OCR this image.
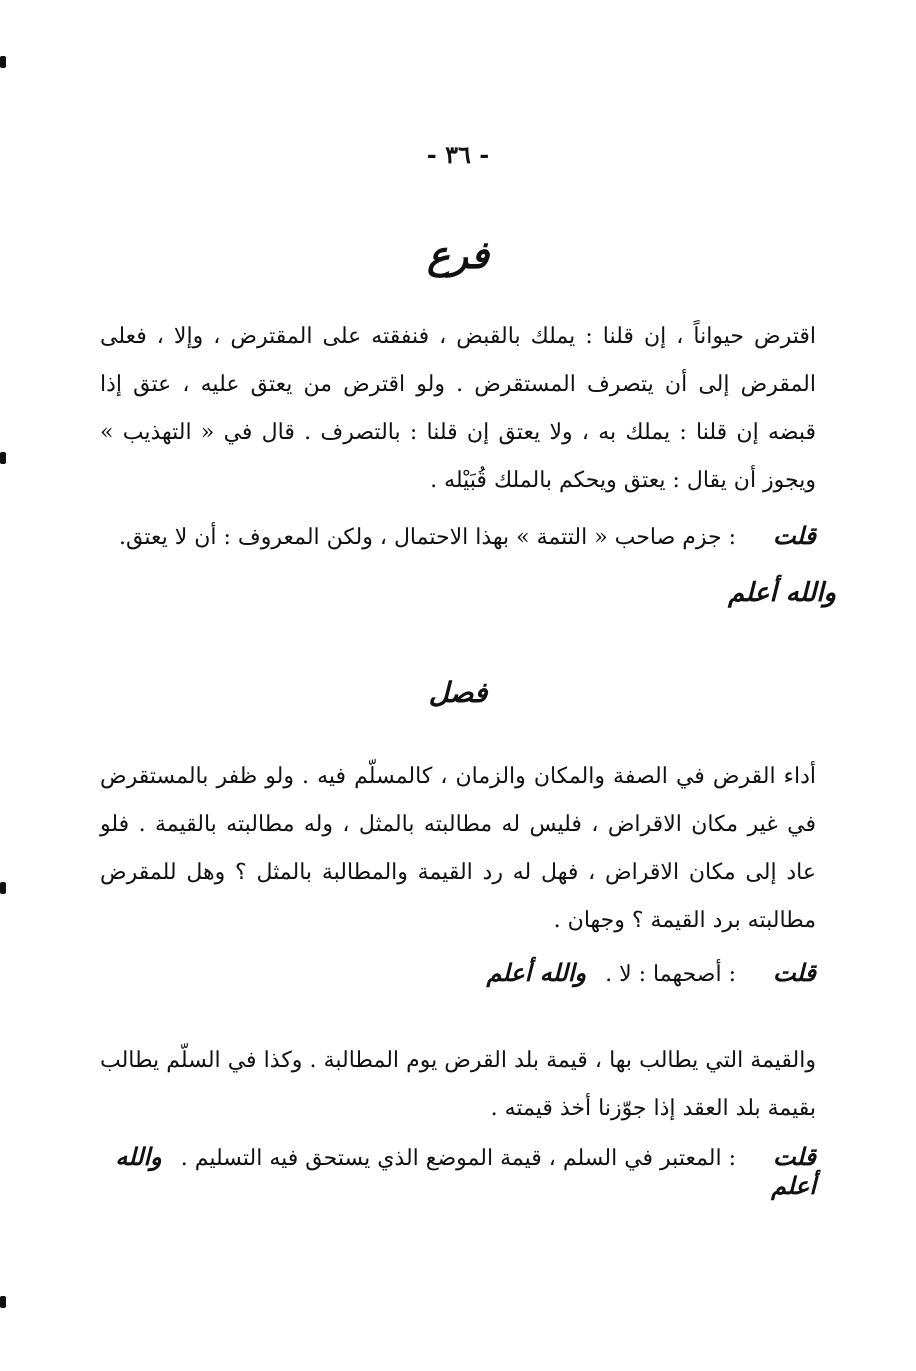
- ٣٦ -
فرع
اقترض حيواناً ، إن قلنا : يملك بالقبض ، فنفقته على المقترض ، وإلا ، فعلى المقرض إلى أن يتصرف المستقرض . ولو اقترض من يعتق عليه ، عتق إذا قبضه إن قلنا : يملك به ، ولا يعتق إن قلنا : بالتصرف . قال في « التهذيب » ويجوز أن يقال : يعتق ويحكم بالملك قُبَيْله .
قلت : جزم صاحب « التتمة » بهذا الاحتمال ، ولكن المعروف : أن لا يعتق.
والله أعلم
فصل
أداء القرض في الصفة والمكان والزمان ، كالمسلّم فيه . ولو ظفر بالمستقرض في غير مكان الاقراض ، فليس له مطالبته بالمثل ، وله مطالبته بالقيمة . فلو عاد إلى مكان الاقراض ، فهل له رد القيمة والمطالبة بالمثل ؟ وهل للمقرض مطالبته برد القيمة ؟ وجهان .
قلت : أصحهما : لا . والله أعلم
والقيمة التي يطالب بها ، قيمة بلد القرض يوم المطالبة . وكذا في السلّم يطالب بقيمة بلد العقد إذا جوّزنا أخذ قيمته .
قلت : المعتبر في السلم ، قيمة الموضع الذي يستحق فيه التسليم . والله أعلم
